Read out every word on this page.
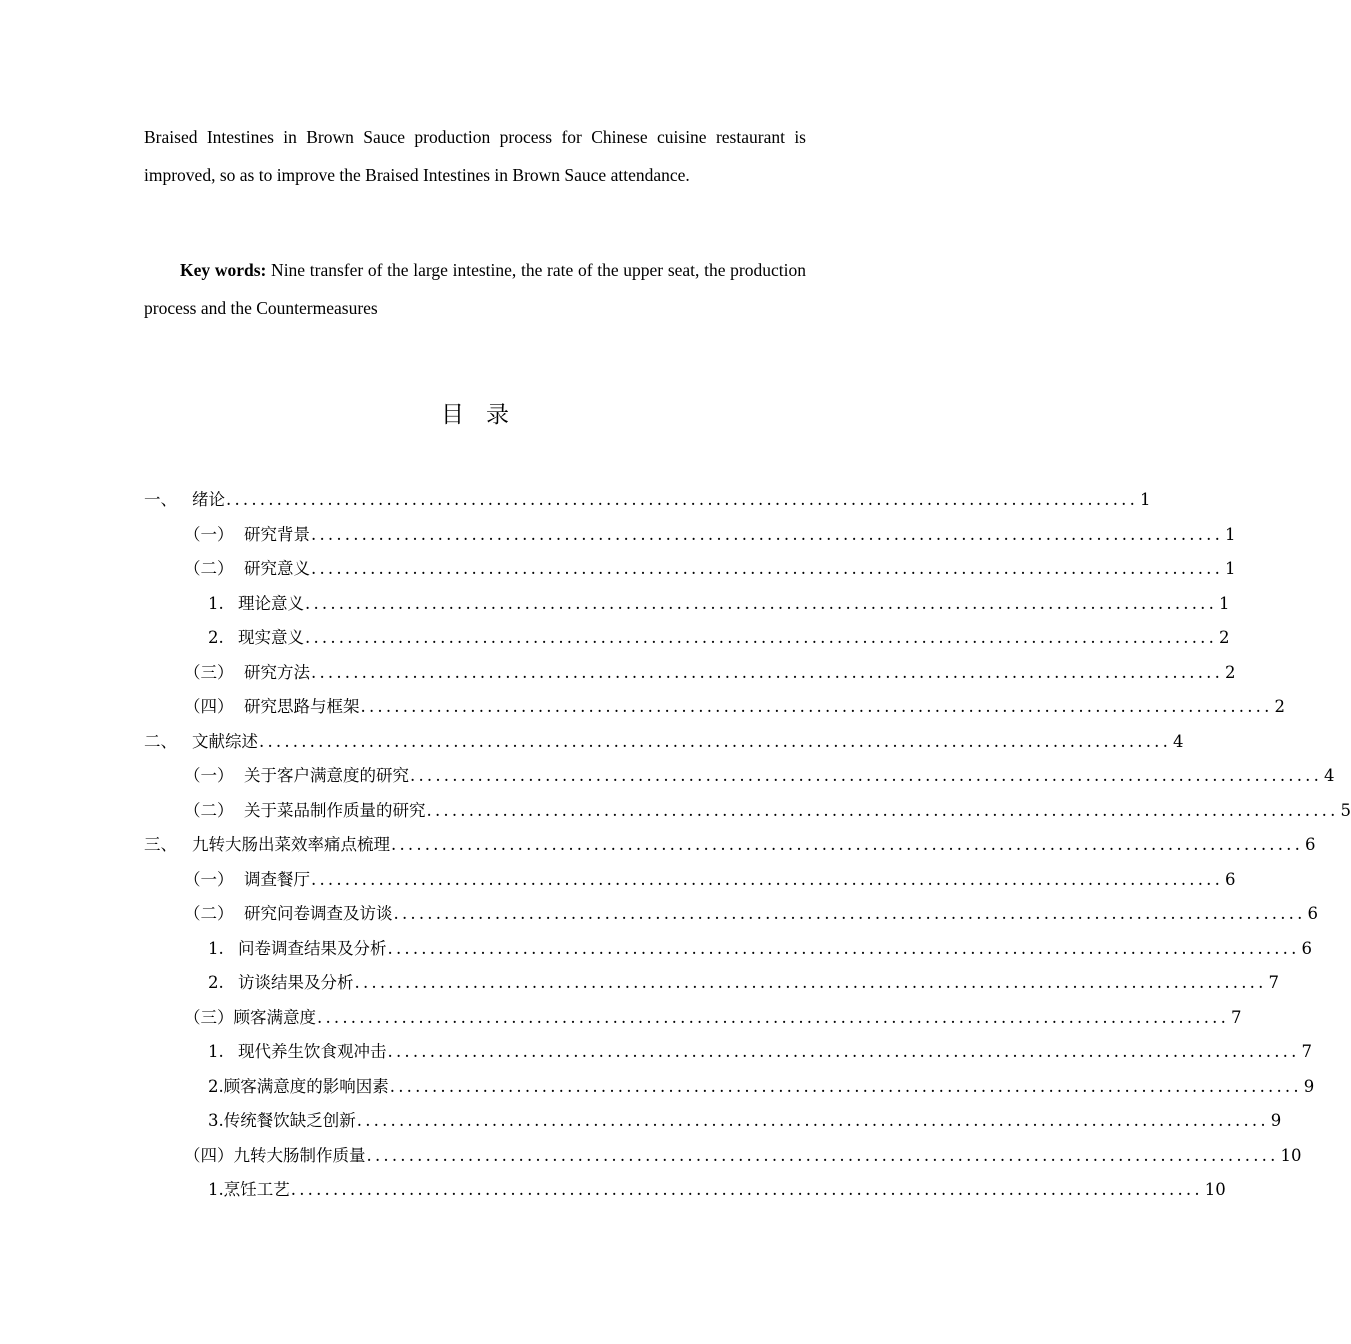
Braised Intestines in Brown Sauce production process for Chinese cuisine restaurant is improved, so as to improve the Braised Intestines in Brown Sauce attendance.

Key words: Nine transfer of the large intestine, the rate of the upper seat, the production process and the Countermeasures

目 录
一、 绪论 ............................................................................................................ 1
（一） 研究背景 ............................................................................................................ 1
（二） 研究意义 ............................................................................................................ 1
1. 理论意义 ............................................................................................................ 1
2. 现实意义 ............................................................................................................ 2
（三） 研究方法 ............................................................................................................ 2
（四） 研究思路与框架 ............................................................................................................ 2
二、 文献综述 ............................................................................................................ 4
（一） 关于客户满意度的研究 ............................................................................................................ 4
（二） 关于菜品制作质量的研究 ............................................................................................................ 5
三、 九转大肠出菜效率痛点梳理 ............................................................................................................ 6
（一） 调查餐厅 ............................................................................................................ 6
（二） 研究问卷调查及访谈 ............................................................................................................ 6
1. 问卷调查结果及分析 ............................................................................................................ 6
2. 访谈结果及分析 ............................................................................................................ 7
（三） 顾客满意度 ............................................................................................................ 7
1. 现代养生饮食观冲击 ............................................................................................................ 7
2. 顾客满意度的影响因素 ............................................................................................................ 9
3. 传统餐饮缺乏创新 ............................................................................................................ 9
（四） 九转大肠制作质量 ............................................................................................................ 10
1. 烹饪工艺 ............................................................................................................ 10
